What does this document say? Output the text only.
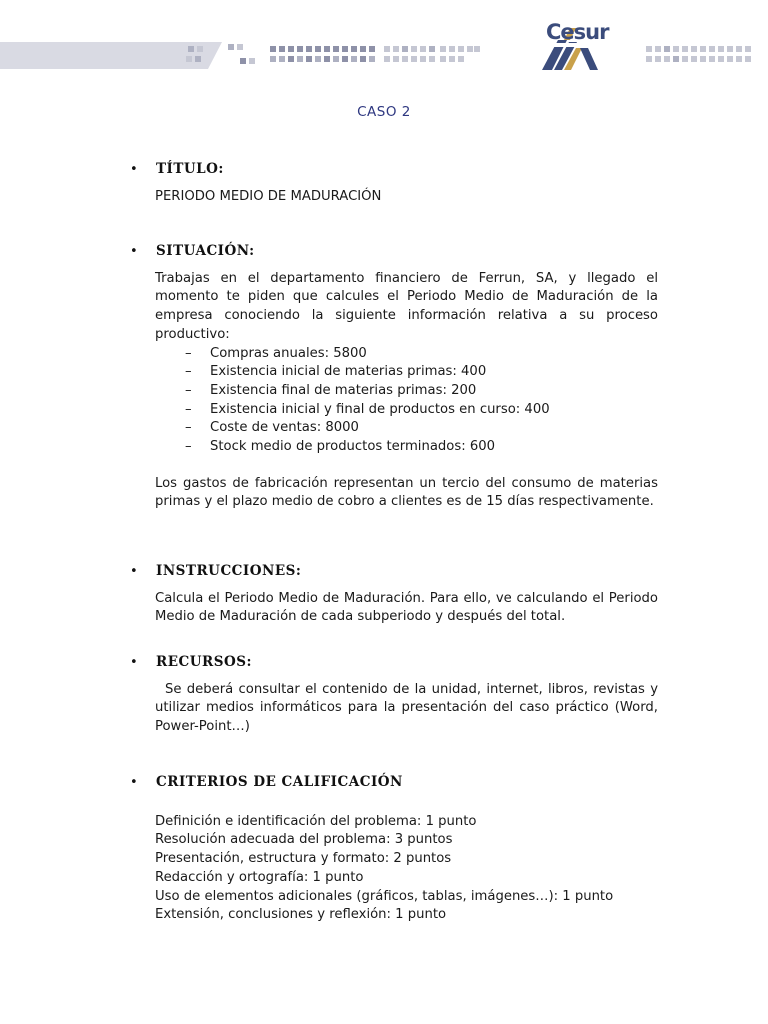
Cesur
CASO 2
•	TÍTULO:
PERIODO MEDIO DE MADURACIÓN
•	SITUACIÓN:
Trabajas en el departamento financiero de Ferrun, SA, y llegado el momento te piden que calcules el Periodo Medio de Maduración de la empresa conociendo la siguiente información relativa a su proceso productivo:
–	Compras anuales: 5800
–	Existencia inicial de materias primas: 400
–	Existencia final de materias primas: 200
–	Existencia inicial y final de productos en curso: 400
–	Coste de ventas: 8000
–	Stock medio de productos terminados: 600
Los gastos de fabricación representan un tercio del consumo de materias primas y el plazo medio de cobro a clientes es de 15 días respectivamente.
•	INSTRUCCIONES:
Calcula el Periodo Medio de Maduración. Para ello, ve calculando el Periodo Medio de Maduración de cada subperiodo y después del total.
•	RECURSOS:
Se deberá consultar el contenido de la unidad, internet, libros, revistas y utilizar medios informáticos para la presentación del caso práctico (Word, Power-Point…)
•	CRITERIOS DE CALIFICACIÓN
Definición e identificación del problema: 1 punto
Resolución adecuada del problema: 3 puntos
Presentación, estructura y formato: 2 puntos
Redacción y ortografía: 1 punto
Uso de elementos adicionales (gráficos, tablas, imágenes…): 1 punto
Extensión, conclusiones y reflexión: 1 punto
